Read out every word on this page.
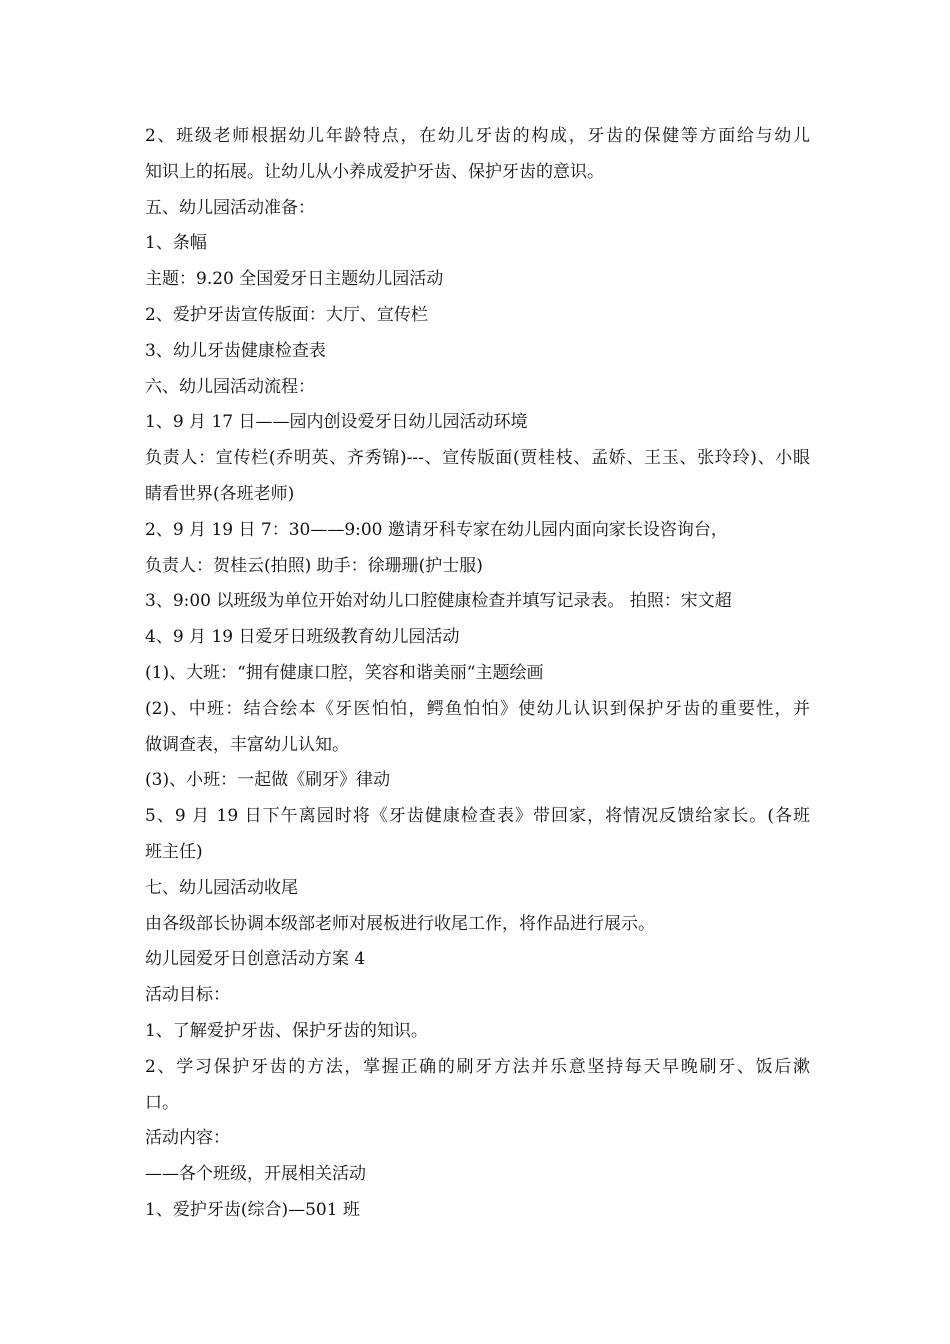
2、班级老师根据幼儿年龄特点，在幼儿牙齿的构成，牙齿的保健等方面给与幼儿
知识上的拓展。让幼儿从小养成爱护牙齿、保护牙齿的意识。
五、幼儿园活动准备：
1、条幅
主题：9.20 全国爱牙日主题幼儿园活动
2、爱护牙齿宣传版面：大厅、宣传栏
3、幼儿牙齿健康检查表
六、幼儿园活动流程：
1、9 月 17 日——园内创设爱牙日幼儿园活动环境
负责人：宣传栏(乔明英、齐秀锦)---、宣传版面(贾桂枝、孟娇、王玉、张玲玲)、小眼
睛看世界(各班老师)
2、9 月 19 日 7：30——9:00 邀请牙科专家在幼儿园内面向家长设咨询台，
负责人：贺桂云(拍照) 助手：徐珊珊(护士服)
3、9:00 以班级为单位开始对幼儿口腔健康检查并填写记录表。 拍照：宋文超
4、9 月 19 日爱牙日班级教育幼儿园活动
(1)、大班：“拥有健康口腔，笑容和谐美丽“主题绘画
(2)、中班：结合绘本《牙医怕怕，鳄鱼怕怕》使幼儿认识到保护牙齿的重要性，并
做调查表，丰富幼儿认知。
(3)、小班：一起做《刷牙》律动
5、9 月 19 日下午离园时将《牙齿健康检查表》带回家，将情况反馈给家长。(各班
班主任)
七、幼儿园活动收尾
由各级部长协调本级部老师对展板进行收尾工作，将作品进行展示。
幼儿园爱牙日创意活动方案 4
活动目标：
1、了解爱护牙齿、保护牙齿的知识。
2、学习保护牙齿的方法，掌握正确的刷牙方法并乐意坚持每天早晚刷牙、饭后漱
口。
活动内容：
——各个班级，开展相关活动
1、爱护牙齿(综合)—501 班
